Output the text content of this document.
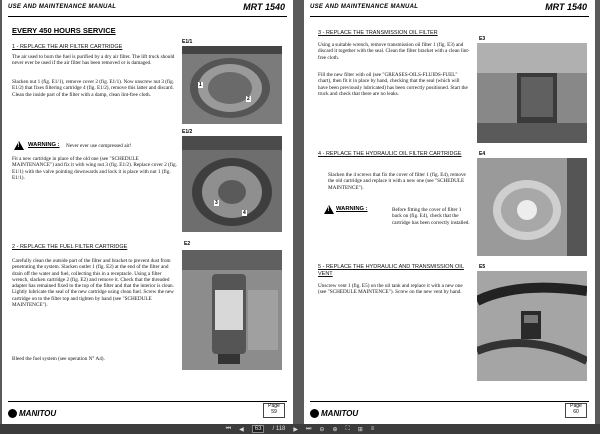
USE AND MAINTENANCE MANUAL	MRT 1540
EVERY 450 HOURS SERVICE
1 - REPLACE THE AIR FILTER CARTRIDGE
The air used to burn the fuel is purified by a dry air filter. The lift truck should never ever be used if the air filter has been removed or is damaged.
Slacken nut 1 (fig. E1/1), remove cover 2 (fig. E1/1). Now unscrew nut 3 (fig. E1/2) that fixes filtering cartridge 4 (fig. E1/2), remove this latter and discard. Clean the inside part of the filter with a damp, clean lint-free cloth.
!
WARNING : Never ever use compressed air!
Fit a new cartridge in place of the old one (see "SCHEDULE MAINTENANCE") and fix it with wing nut 3 (fig. E1/2). Replace cover 2 (fig. E1/1) with the valve pointing downwards and lock it is place with nut 1 (fig. E1/1).
2 - REPLACE THE FUEL FILTER CARTRIDGE
Carefully clean the outside part of the filter and bracket to prevent dust from penetrating the system. Slacken outlet 1 (fig. E2) at the end of the filter and drain off the water and fuel, collecting this in a receptacle. Using a filter wrench, slacken cartridge 2 (fig. E2) and remove it. Check that the threaded adapter has remained fixed to the top of the filter and that the interior is clean. Lightly lubricate the seal of the new cartridge using clean fuel. Screw the new cartridge on to the filter top and tighten by hand (see "SCHEDULE MAINTENCE").
Bleed the fuel system (see operation N° A4).
E1/1
1
2
E1/2
3
4
E2
MANITOU
Page
59
USE AND MAINTENANCE MANUAL	MRT 1540
3 - REPLACE THE TRANSMISSION OIL FILTER
Using a suitable wrench, remove transmission oil filter 1 (fig. E3) and discard it together with the seal. Clean the filter bracket with a clean lint-free cloth.
Fill the new filter with oil (see "GREASES-OILS-FLUIDS-FUEL" chart), then fit it in place by hand, checking that the seal (which will have been previously lubricated) has been correctly positioned. Start the truck and check that there are no leaks.
4 - REPLACE THE HYDRAULIC OIL FILTER CARTRIDGE
Slacken the 4 screws that fix the cover of filter 1 (fig. E4), remove the old cartridge and replace it with a new one (see "SCHEDULE MAINTENCE").
!
WARNING :	Before fitting the cover of filter 1 back on (fig. E4), check that the cartridge has been correctly installed.
5 - REPLACE THE HYDRAULIC AND TRANSMISSION OIL VENT
Unscrew vent 1 (fig. E5) on the oil tank and replace it with a new one (see "SCHEDULE MAINTENCE"). Screw on the new vent by hand.
E3
E4
E5
MANITOU
Page
60
⏮ ◀	63	/ 118 ▶ ⏭ ⊖ ⊕ ⛶ ⊞ ≡
